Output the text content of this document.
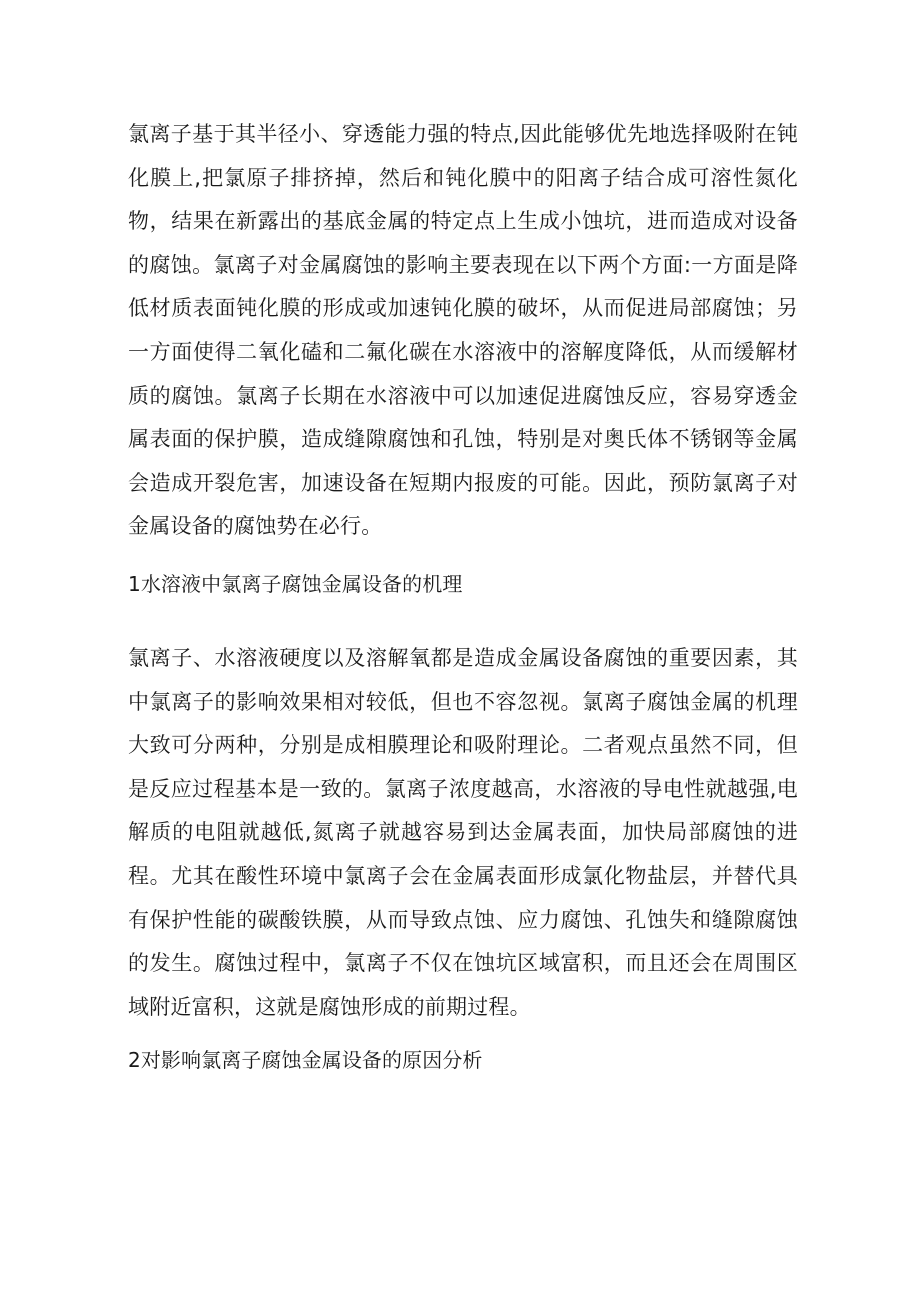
氯离子基于其半径小、穿透能力强的特点,因此能够优先地选择吸附在钝化膜上,把氯原子排挤掉，然后和钝化膜中的阳离子结合成可溶性氮化物，结果在新露出的基底金属的特定点上生成小蚀坑，进而造成对设备的腐蚀。氯离子对金属腐蚀的影响主要表现在以下两个方面:一方面是降低材质表面钝化膜的形成或加速钝化膜的破坏，从而促进局部腐蚀；另一方面使得二氧化磕和二氟化碳在水溶液中的溶解度降低，从而缓解材质的腐蚀。氯离子长期在水溶液中可以加速促进腐蚀反应，容易穿透金属表面的保护膜，造成缝隙腐蚀和孔蚀，特别是对奥氏体不锈钢等金属会造成开裂危害，加速设备在短期内报废的可能。因此，预防氯离子对金属设备的腐蚀势在必行。

1水溶液中氯离子腐蚀金属设备的机理

氯离子、水溶液硬度以及溶解氧都是造成金属设备腐蚀的重要因素，其中氯离子的影响效果相对较低，但也不容忽视。氯离子腐蚀金属的机理大致可分两种，分别是成相膜理论和吸附理论。二者观点虽然不同，但是反应过程基本是一致的。氯离子浓度越高，水溶液的导电性就越强,电解质的电阻就越低,氮离子就越容易到达金属表面，加快局部腐蚀的进程。尤其在酸性环境中氯离子会在金属表面形成氯化物盐层，并替代具有保护性能的碳酸铁膜，从而导致点蚀、应力腐蚀、孔蚀失和缝隙腐蚀的发生。腐蚀过程中，氯离子不仅在蚀坑区域富积，而且还会在周围区域附近富积，这就是腐蚀形成的前期过程。

2对影响氯离子腐蚀金属设备的原因分析
